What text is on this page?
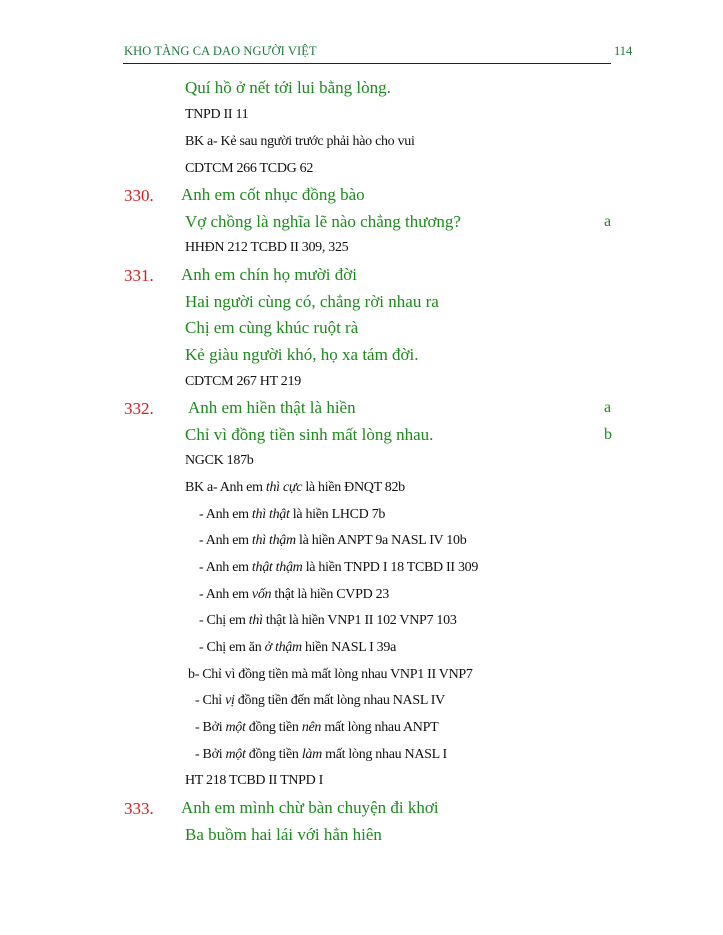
KHO TÀNG CA DAO NGƯỜI VIỆT	114
Quí hồ ở nết tới lui bằng lòng.
TNPD II 11
BK a- Kẻ sau người trước phải hào cho vui
CDTCM 266 TCDG 62
330. Anh em cốt nhục đồng bào
Vợ chồng là nghĩa lẽ nào chẳng thương?	a
HHĐN 212 TCBD II 309, 325
331. Anh em chín họ mười đời
Hai người cùng có, chẳng rời nhau ra
Chị em cùng khúc ruột rà
Kẻ giàu người khó, họ xa tám đời.
CDTCM 267 HT 219
332. Anh em hiền thật là hiền	a
Chỉ vì đồng tiền sinh mất lòng nhau.	b
NGCK 187b
BK a- Anh em thì cực là hiền ĐNQT 82b
- Anh em thì thật là hiền LHCD 7b
- Anh em thì thậm là hiền ANPT 9a NASL IV 10b
- Anh em thật thậm là hiền TNPD I 18 TCBD II 309
- Anh em vốn thật là hiền CVPD 23
- Chị em thì thật là hiền VNP1 II 102 VNP7 103
- Chị em ăn ở thậm hiền NASL I 39a
b- Chỉ vì đồng tiền mà mất lòng nhau VNP1 II VNP7
- Chỉ vị đồng tiền đến mất lòng nhau NASL IV
- Bởi một đồng tiền nên mất lòng nhau ANPT
- Bởi một đồng tiền làm mất lòng nhau NASL I
HT 218 TCBD II TNPD I
333. Anh em mình chừ bàn chuyện đi khơi
Ba buồm hai lái với hẳn hiên
